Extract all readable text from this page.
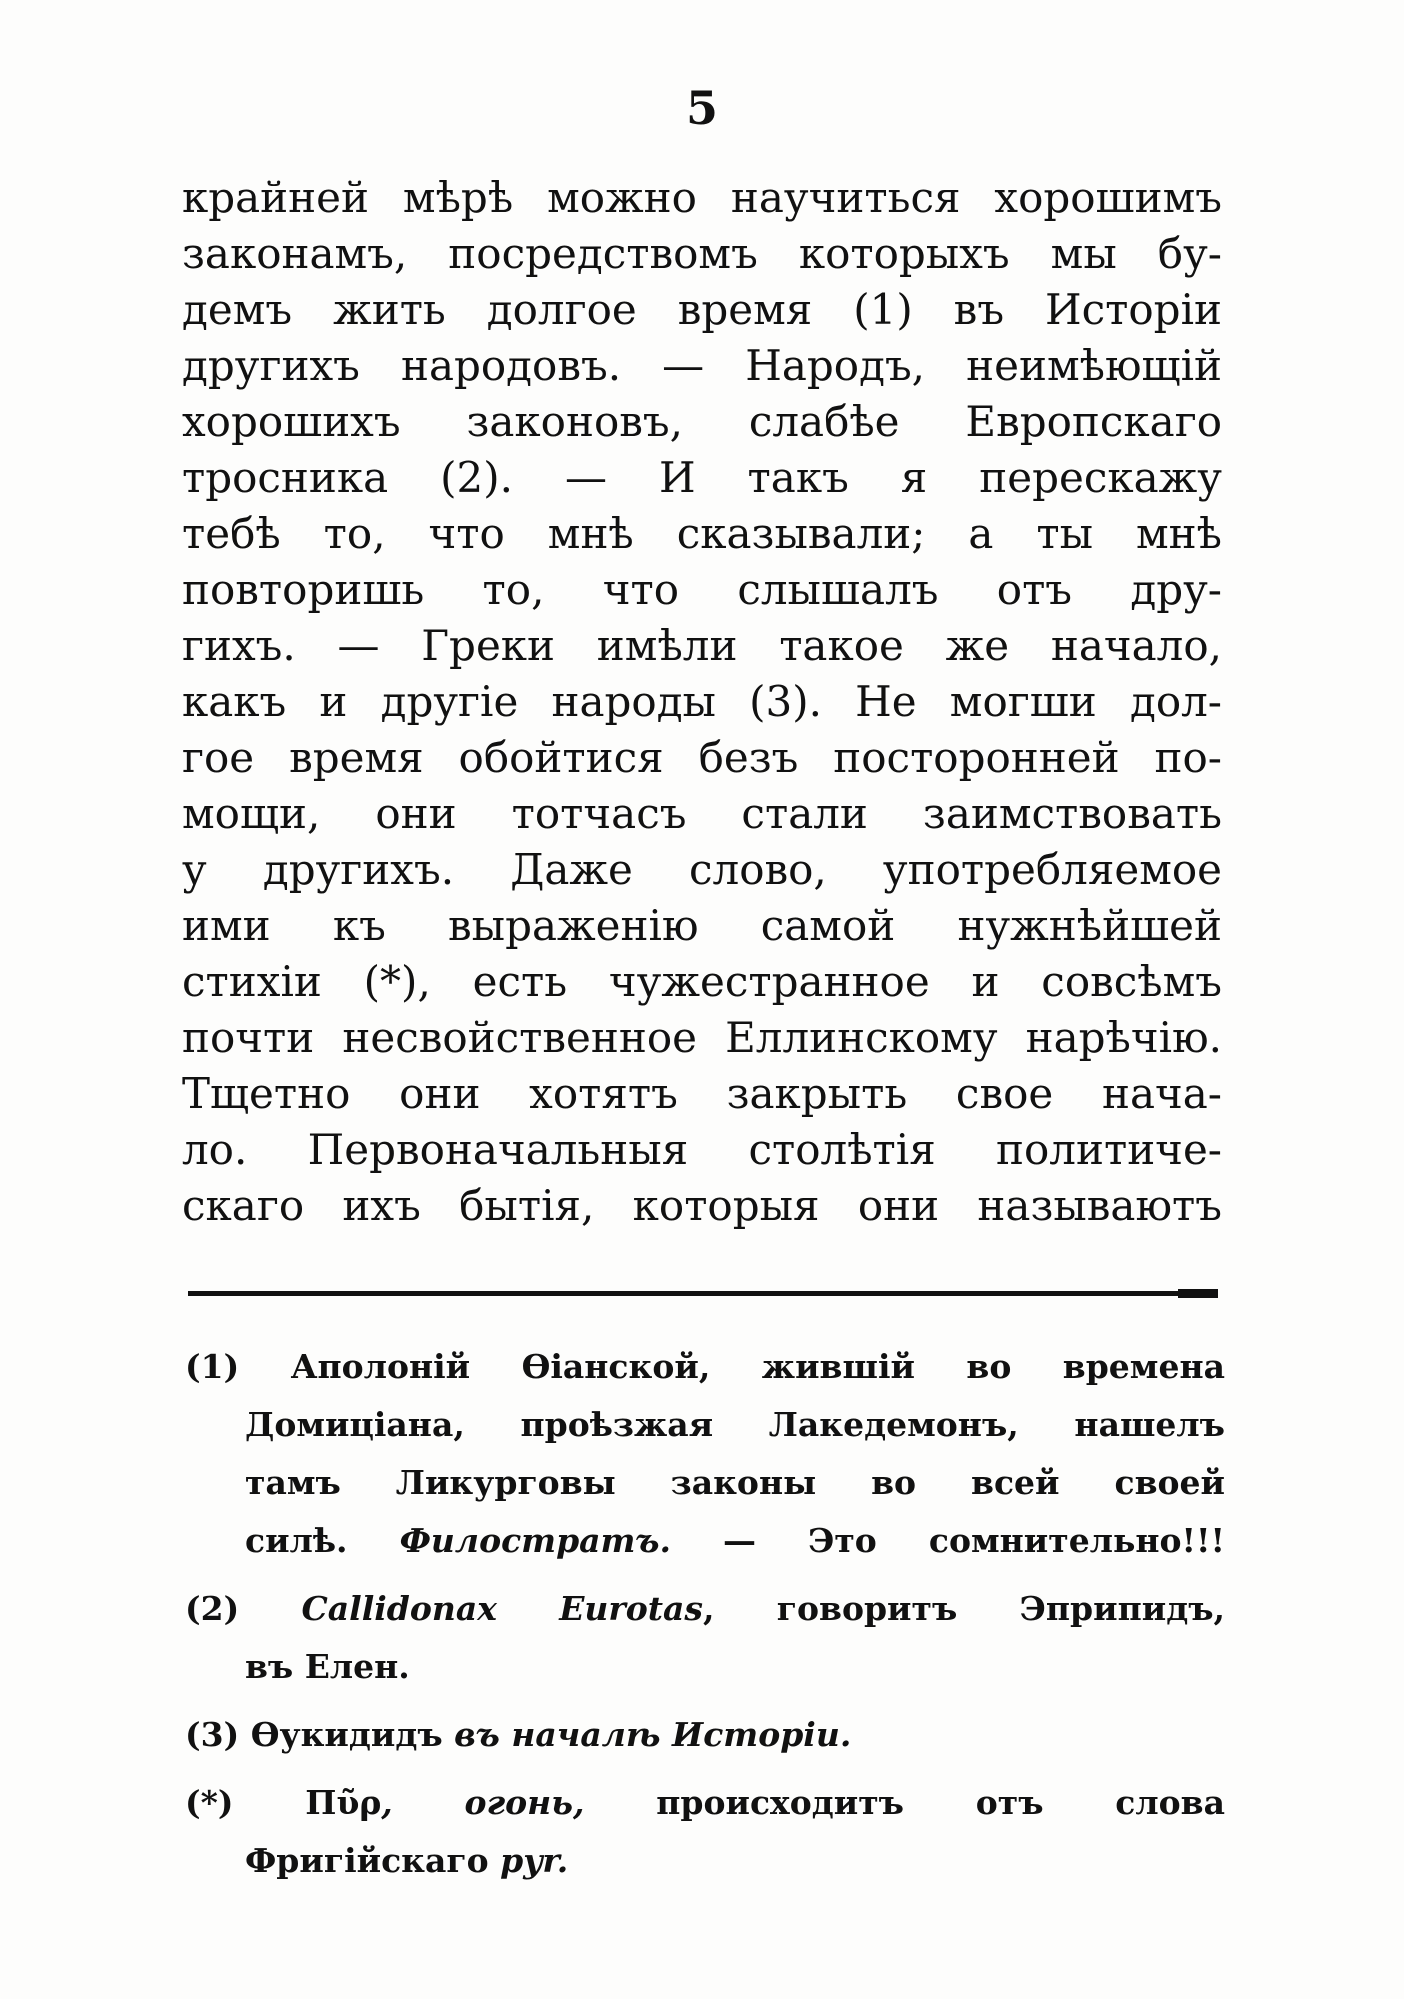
5
крайней мѣрѣ можно научиться хорошимъ
законамъ, посредствомъ которыхъ мы бу-
демъ жить долгое время (1) въ Исторіи
другихъ народовъ. — Народъ, неимѣющій
хорошихъ законовъ, слабѣе Европскаго
тросника (2). — И такъ я перескажу
тебѣ то, что мнѣ сказывали; а ты мнѣ
повторишь то, что слышалъ отъ дру-
гихъ. — Греки имѣли такое же начало,
какъ и другіе народы (3). Не могши дол-
гое время обойтися безъ посторонней по-
мощи, они тотчасъ стали заимствовать
у другихъ. Даже слово, употребляемое
ими къ выраженію самой нужнѣйшей
стихіи (*), есть чужестранное и совсѣмъ
почти несвойственное Еллинскому нарѣчію.
Тщетно они хотятъ закрыть свое нача-
ло. Первоначальныя столѣтія политиче-
скаго ихъ бытія, которыя они называютъ
(1) Аполоній Өіанской, жившій во времена
Домиціана, проѣзжая Лакедемонъ, нашелъ
тамъ Ликурговы законы во всей своей
силѣ. Филостратъ. — Это сомнительно!!!
(2) Callidonax Eurotas, говоритъ Эприпидъ,
въ Елен.
(3) Өукидидъ въ началѣ Исторіи.
(*) Πῦρ, огонь, происходитъ отъ слова
Фригійскаго pyr.
